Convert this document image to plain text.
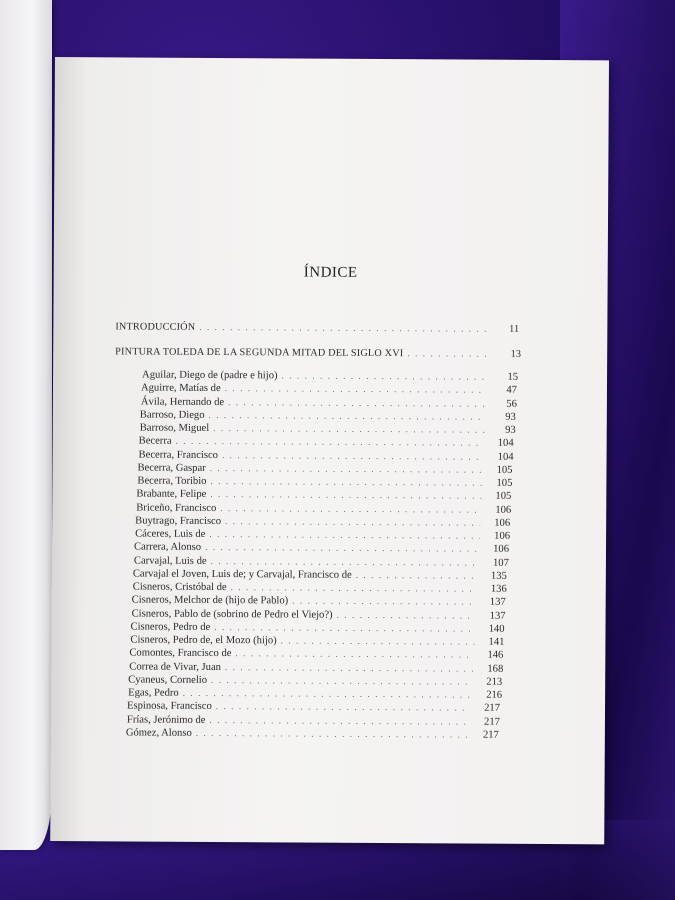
ÍNDICE
INTRODUCCIÓN . . .	11
PINTURA TOLEDA DE LA SEGUNDA MITAD DEL SIGLO XVI . . .	13
Aguilar, Diego de (padre e hijo) . . .	15
Aguirre, Matías de . . .	47
Ávila, Hernando de . . .	56
Barroso, Diego . . .	93
Barroso, Miguel . . .	93
Becerra . . .	104
Becerra, Francisco . . .	104
Becerra, Gaspar . . .	105
Becerra, Toribio . . .	105
Brabante, Felipe . . .	105
Briceño, Francisco . . .	106
Buytrago, Francisco . . .	106
Cáceres, Luis de . . .	106
Carrera, Alonso . . .	106
Carvajal, Luis de . . .	107
Carvajal el Joven, Luis de; y Carvajal, Francisco de . . .	135
Cisneros, Cristóbal de . . .	136
Cisneros, Melchor de (hijo de Pablo) . . .	137
Cisneros, Pablo de (sobrino de Pedro el Viejo?) . . .	137
Cisneros, Pedro de . . .	140
Cisneros, Pedro de, el Mozo (hijo) . . .	141
Comontes, Francisco de . . .	146
Correa de Vivar, Juan . . .	168
Cyaneus, Cornelio . . .	213
Egas, Pedro . . .	216
Espinosa, Francisco . . .	217
Frías, Jerónimo de . . .	217
Gómez, Alonso . . .	217
